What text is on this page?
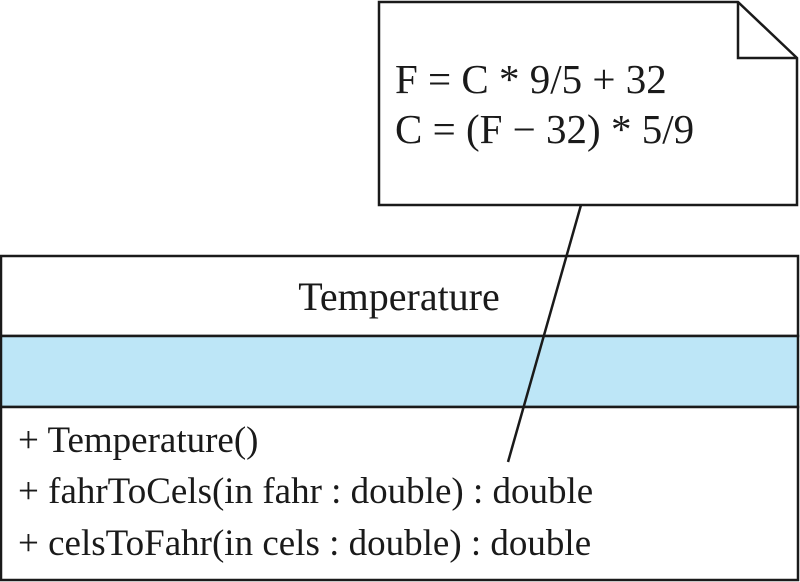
Temperature
+ Temperature()
+ fahrToCels(in fahr : double) : double
+ celsToFahr(in cels : double) : double
F = C * 9/5 + 32
C = (F − 32) * 5/9
